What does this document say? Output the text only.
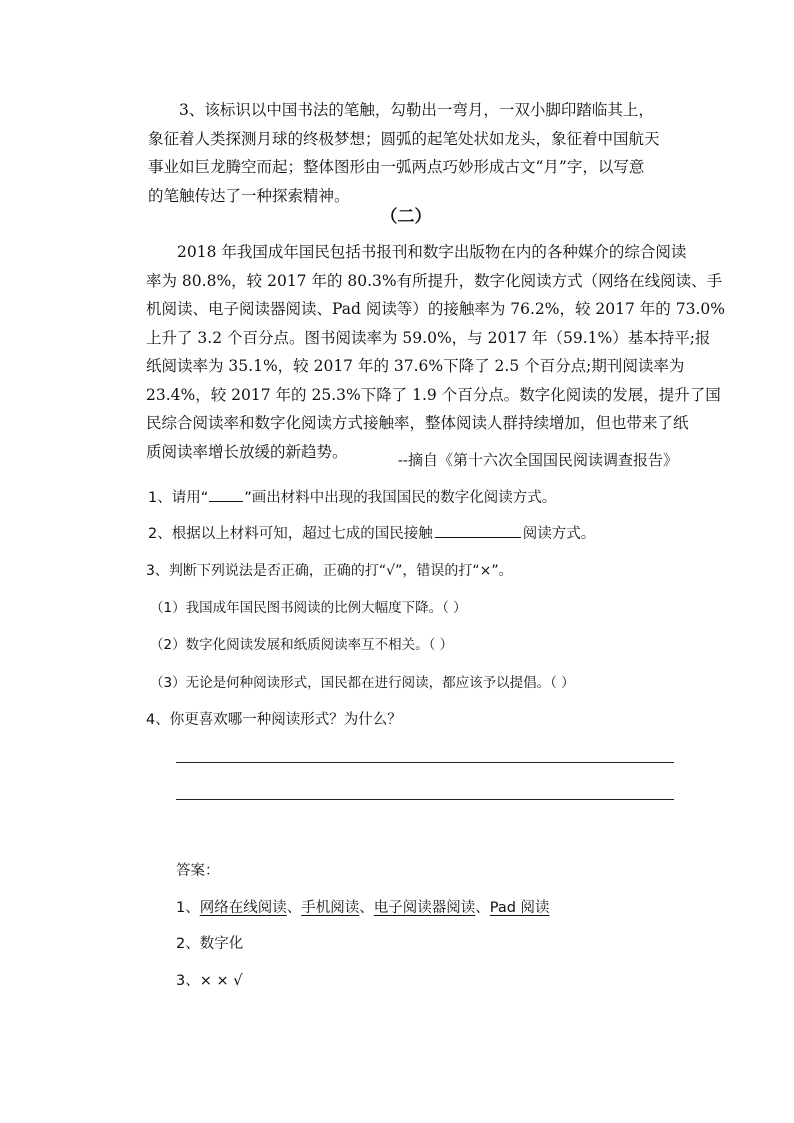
3、该标识以中国书法的笔触，勾勒出一弯月，一双小脚印踏临其上，
象征着人类探测月球的终极梦想；圆弧的起笔处状如龙头，象征着中国航天
事业如巨龙腾空而起；整体图形由一弧两点巧妙形成古文“月”字，以写意
的笔触传达了一种探索精神。
（二）
2018 年我国成年国民包括书报刊和数字出版物在内的各种媒介的综合阅读
率为 80.8%，较 2017 年的 80.3%有所提升，数字化阅读方式（网络在线阅读、手
机阅读、电子阅读器阅读、Pad 阅读等）的接触率为 76.2%，较 2017 年的 73.0%
上升了 3.2 个百分点。图书阅读率为 59.0%，与 2017 年（59.1%）基本持平;报
纸阅读率为 35.1%，较 2017 年的 37.6%下降了 2.5 个百分点;期刊阅读率为
23.4%，较 2017 年的 25.3%下降了 1.9 个百分点。数字化阅读的发展，提升了国
民综合阅读率和数字化阅读方式接触率，整体阅读人群持续增加，但也带来了纸
质阅读率增长放缓的新趋势。	--摘自《第十六次全国国民阅读调查报告》
1、请用“ ”画出材料中出现的我国国民的数字化阅读方式。
2、根据以上材料可知，超过七成的国民接触	阅读方式。
3、判断下列说法是否正确，正确的打“√”，错误的打“×”。
（1）我国成年国民图书阅读的比例大幅度下降。（ ）
（2）数字化阅读发展和纸质阅读率互不相关。（ ）
（3）无论是何种阅读形式，国民都在进行阅读，都应该予以提倡。（ ）
4、你更喜欢哪一种阅读形式？为什么？
答案：
1、网络在线阅读、手机阅读、电子阅读器阅读、Pad 阅读
2、数字化
3、× × √
